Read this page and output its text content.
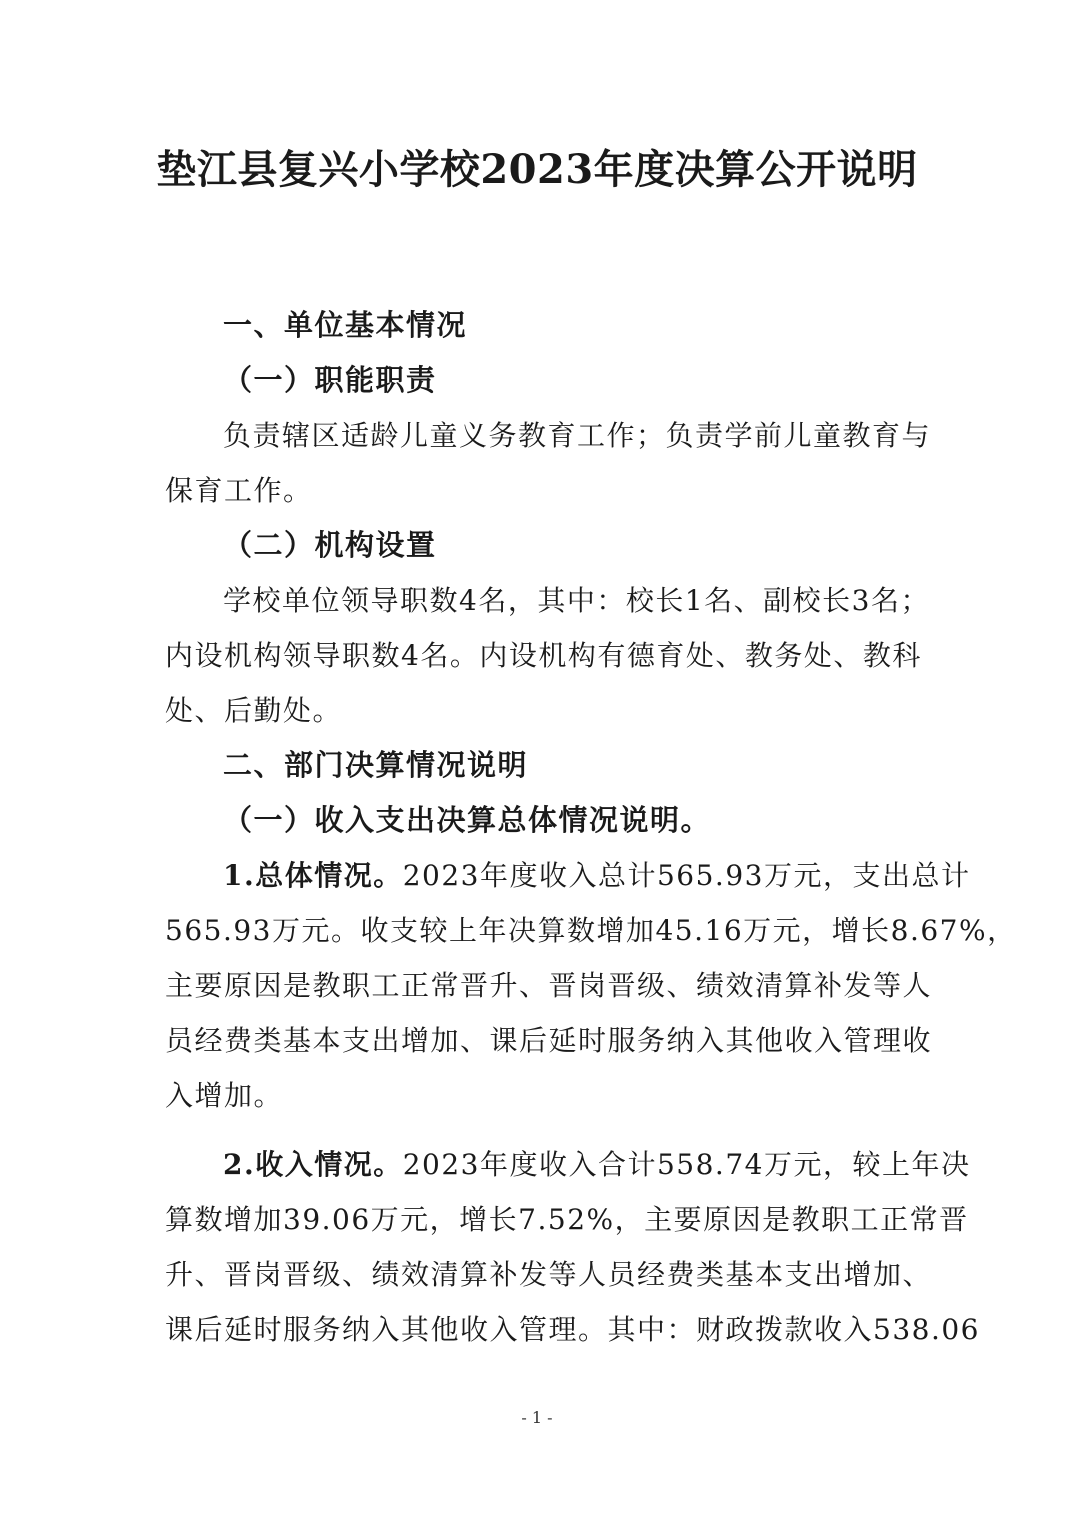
垫江县复兴小学校2023年度决算公开说明
一、单位基本情况
（一）职能职责
负责辖区适龄儿童义务教育工作；负责学前儿童教育与
保育工作。
（二）机构设置
学校单位领导职数4名，其中：校长1名、副校长3名；
内设机构领导职数4名。内设机构有德育处、教务处、教科
处、后勤处。
二、部门决算情况说明
（一）收入支出决算总体情况说明。
1.总体情况。2023年度收入总计565.93万元，支出总计
565.93万元。收支较上年决算数增加45.16万元，增长8.67%，
主要原因是教职工正常晋升、晋岗晋级、绩效清算补发等人
员经费类基本支出增加、课后延时服务纳入其他收入管理收
入增加。
2.收入情况。2023年度收入合计558.74万元，较上年决
算数增加39.06万元，增长7.52%，主要原因是教职工正常晋
升、晋岗晋级、绩效清算补发等人员经费类基本支出增加、
课后延时服务纳入其他收入管理。其中：财政拨款收入538.06
- 1 -
